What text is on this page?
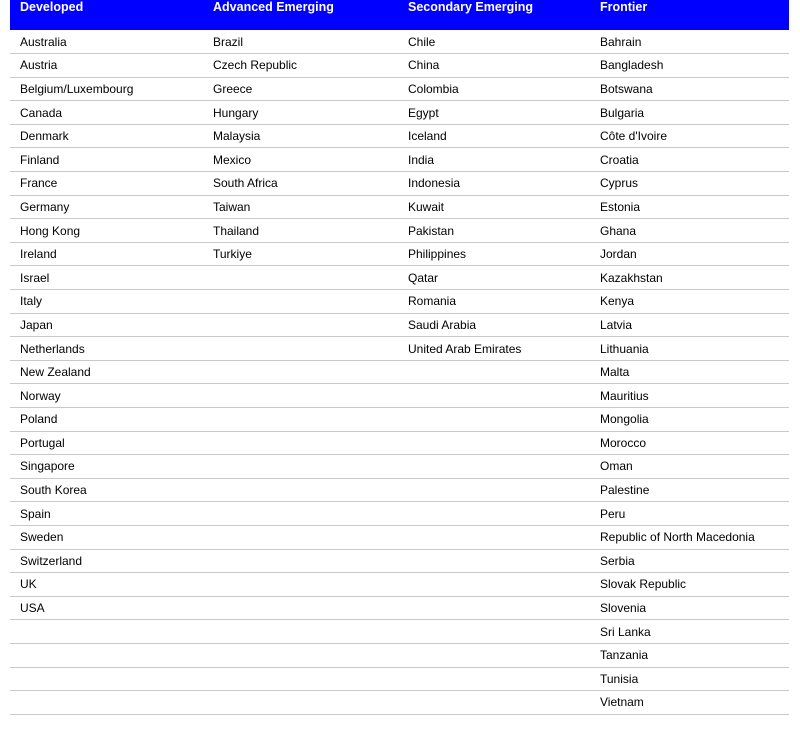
Developed	Advanced Emerging	Secondary Emerging	Frontier
Australia	Brazil	Chile	Bahrain
Austria	Czech Republic	China	Bangladesh
Belgium/Luxembourg	Greece	Colombia	Botswana
Canada	Hungary	Egypt	Bulgaria
Denmark	Malaysia	Iceland	Côte d'Ivoire
Finland	Mexico	India	Croatia
France	South Africa	Indonesia	Cyprus
Germany	Taiwan	Kuwait	Estonia
Hong Kong	Thailand	Pakistan	Ghana
Ireland	Turkiye	Philippines	Jordan
Israel		Qatar	Kazakhstan
Italy		Romania	Kenya
Japan		Saudi Arabia	Latvia
Netherlands		United Arab Emirates	Lithuania
New Zealand			Malta
Norway			Mauritius
Poland			Mongolia
Portugal			Morocco
Singapore			Oman
South Korea			Palestine
Spain			Peru
Sweden			Republic of North Macedonia
Switzerland			Serbia
UK			Slovak Republic
USA			Slovenia
			Sri Lanka
			Tanzania
			Tunisia
			Vietnam
